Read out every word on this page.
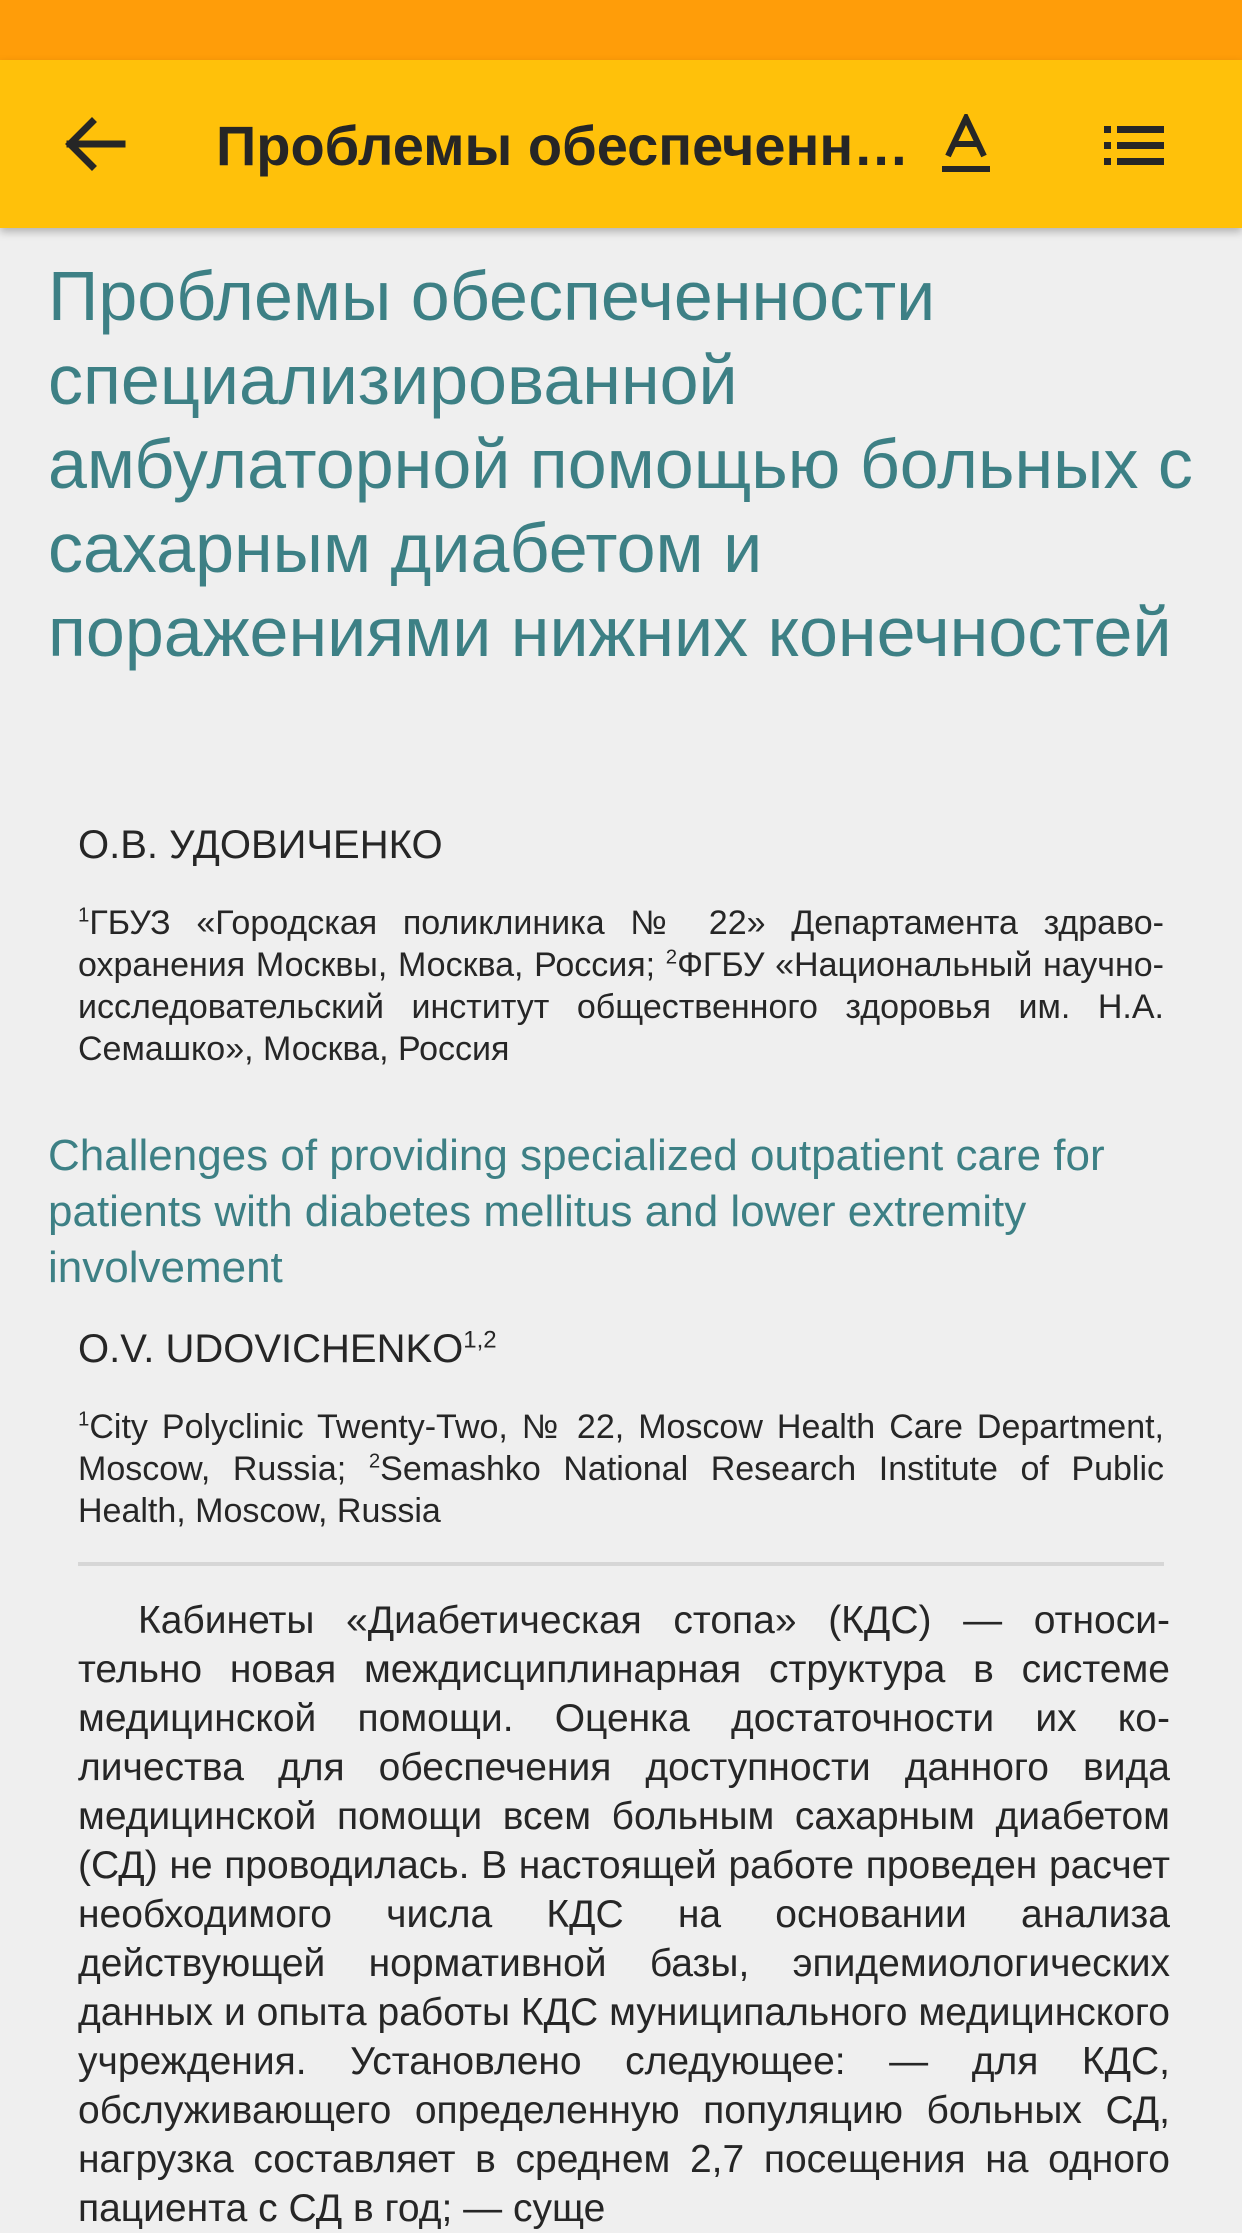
Проблемы обеспеченн…
Проблемы обеспеченности специализированной амбулаторной помощью больных с сахарным диабетом и поражениями нижних конечностей

О.В. УДОВИЧЕНКО

$^1$ГБУЗ «Городская поликлиника № 22» Департамента здравоохранения Москвы, Москва, Россия; $^2$ФГБУ «Национальный научно-исследовательский институт общественного здоровья им. Н.А. Семашко», Москва, Россия

Challenges of providing specialized outpatient care for patients with diabetes mellitus and lower extremity involvement

O.V. UDOVICHENKO$^{1,2}$

$^1$City Polyclinic Twenty-Two, № 22, Moscow Health Care Department, Moscow, Russia; $^2$Semashko National Research Institute of Public Health, Moscow, Russia

Кабинеты «Диабетическая стопа» (КДС) — относительно новая междисциплинарная структура в системе медицинской помощи. Оценка достаточности их количества для обеспечения доступности данного вида медицинской помощи всем больным сахарным диабетом (СД) не проводилась. В настоящей работе проведен расчет необходимого числа КДС на основании анализа действующей нормативной базы, эпидемиологических данных и опыта работы КДС муниципального медицинского учреждения. Установлено следующее: — для КДС, обслуживающего определенную популяцию больных СД, нагрузка составляет в среднем 2,7 посещения на одного пациента с СД в год; — суще
